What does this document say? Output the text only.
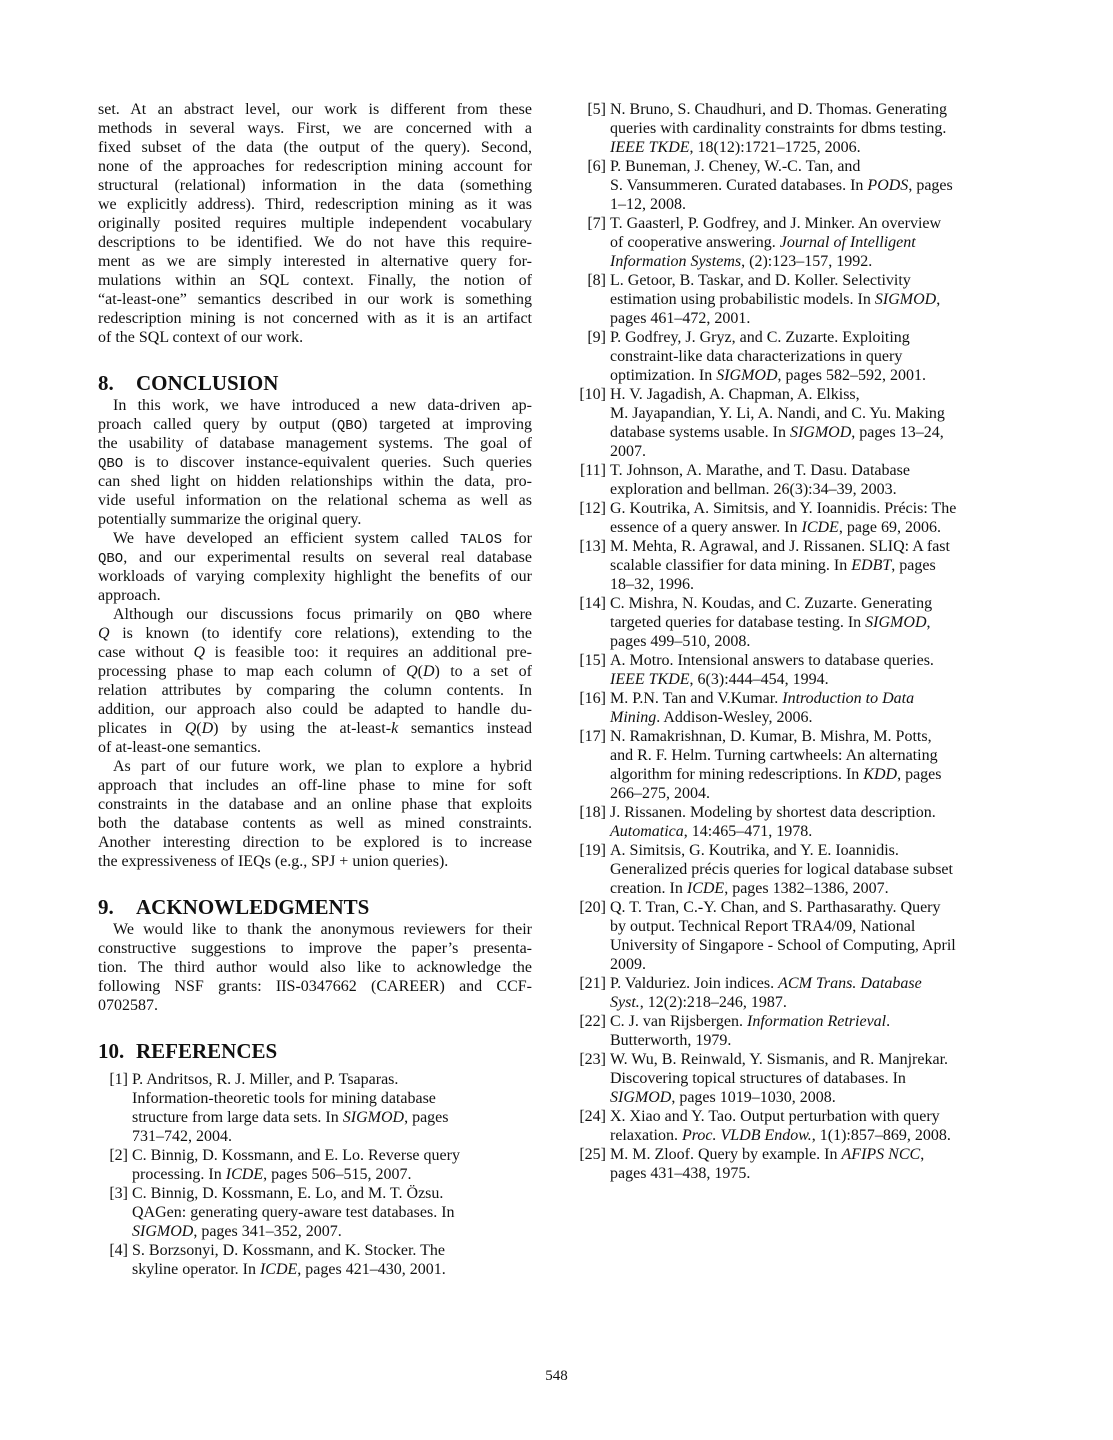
set. At an abstract level, our work is different from these
methods in several ways. First, we are concerned with a
fixed subset of the data (the output of the query). Second,
none of the approaches for redescription mining account for
structural (relational) information in the data (something
we explicitly address). Third, redescription mining as it was
originally posited requires multiple independent vocabulary
descriptions to be identified. We do not have this require-
ment as we are simply interested in alternative query for-
mulations within an SQL context. Finally, the notion of
“at-least-one” semantics described in our work is something
redescription mining is not concerned with as it is an artifact
of the SQL context of our work.
8. CONCLUSION
In this work, we have introduced a new data-driven ap-
proach called query by output (QBO) targeted at improving
the usability of database management systems. The goal of
QBO is to discover instance-equivalent queries. Such queries
can shed light on hidden relationships within the data, pro-
vide useful information on the relational schema as well as
potentially summarize the original query.
We have developed an efficient system called TALOS for
QBO, and our experimental results on several real database
workloads of varying complexity highlight the benefits of our
approach.
Although our discussions focus primarily on QBO where
Q is known (to identify core relations), extending to the
case without Q is feasible too: it requires an additional pre-
processing phase to map each column of Q(D) to a set of
relation attributes by comparing the column contents. In
addition, our approach also could be adapted to handle du-
plicates in Q(D) by using the at-least-k semantics instead
of at-least-one semantics.
As part of our future work, we plan to explore a hybrid
approach that includes an off-line phase to mine for soft
constraints in the database and an online phase that exploits
both the database contents as well as mined constraints.
Another interesting direction to be explored is to increase
the expressiveness of IEQs (e.g., SPJ + union queries).
9. ACKNOWLEDGMENTS
We would like to thank the anonymous reviewers for their
constructive suggestions to improve the paper’s presenta-
tion. The third author would also like to acknowledge the
following NSF grants: IIS-0347662 (CAREER) and CCF-
0702587.
10. REFERENCES
[1] P. Andritsos, R. J. Miller, and P. Tsaparas.
Information-theoretic tools for mining database
structure from large data sets. In SIGMOD, pages
731–742, 2004.
[2] C. Binnig, D. Kossmann, and E. Lo. Reverse query
processing. In ICDE, pages 506–515, 2007.
[3] C. Binnig, D. Kossmann, E. Lo, and M. T. Özsu.
QAGen: generating query-aware test databases. In
SIGMOD, pages 341–352, 2007.
[4] S. Borzsonyi, D. Kossmann, and K. Stocker. The
skyline operator. In ICDE, pages 421–430, 2001.
[5] N. Bruno, S. Chaudhuri, and D. Thomas. Generating
queries with cardinality constraints for dbms testing.
IEEE TKDE, 18(12):1721–1725, 2006.
[6] P. Buneman, J. Cheney, W.-C. Tan, and
S. Vansummeren. Curated databases. In PODS, pages
1–12, 2008.
[7] T. Gaasterl, P. Godfrey, and J. Minker. An overview
of cooperative answering. Journal of Intelligent
Information Systems, (2):123–157, 1992.
[8] L. Getoor, B. Taskar, and D. Koller. Selectivity
estimation using probabilistic models. In SIGMOD,
pages 461–472, 2001.
[9] P. Godfrey, J. Gryz, and C. Zuzarte. Exploiting
constraint-like data characterizations in query
optimization. In SIGMOD, pages 582–592, 2001.
[10] H. V. Jagadish, A. Chapman, A. Elkiss,
M. Jayapandian, Y. Li, A. Nandi, and C. Yu. Making
database systems usable. In SIGMOD, pages 13–24,
2007.
[11] T. Johnson, A. Marathe, and T. Dasu. Database
exploration and bellman. 26(3):34–39, 2003.
[12] G. Koutrika, A. Simitsis, and Y. Ioannidis. Précis: The
essence of a query answer. In ICDE, page 69, 2006.
[13] M. Mehta, R. Agrawal, and J. Rissanen. SLIQ: A fast
scalable classifier for data mining. In EDBT, pages
18–32, 1996.
[14] C. Mishra, N. Koudas, and C. Zuzarte. Generating
targeted queries for database testing. In SIGMOD,
pages 499–510, 2008.
[15] A. Motro. Intensional answers to database queries.
IEEE TKDE, 6(3):444–454, 1994.
[16] M. P.N. Tan and V.Kumar. Introduction to Data
Mining. Addison-Wesley, 2006.
[17] N. Ramakrishnan, D. Kumar, B. Mishra, M. Potts,
and R. F. Helm. Turning cartwheels: An alternating
algorithm for mining redescriptions. In KDD, pages
266–275, 2004.
[18] J. Rissanen. Modeling by shortest data description.
Automatica, 14:465–471, 1978.
[19] A. Simitsis, G. Koutrika, and Y. E. Ioannidis.
Generalized précis queries for logical database subset
creation. In ICDE, pages 1382–1386, 2007.
[20] Q. T. Tran, C.-Y. Chan, and S. Parthasarathy. Query
by output. Technical Report TRA4/09, National
University of Singapore - School of Computing, April
2009.
[21] P. Valduriez. Join indices. ACM Trans. Database
Syst., 12(2):218–246, 1987.
[22] C. J. van Rijsbergen. Information Retrieval.
Butterworth, 1979.
[23] W. Wu, B. Reinwald, Y. Sismanis, and R. Manjrekar.
Discovering topical structures of databases. In
SIGMOD, pages 1019–1030, 2008.
[24] X. Xiao and Y. Tao. Output perturbation with query
relaxation. Proc. VLDB Endow., 1(1):857–869, 2008.
[25] M. M. Zloof. Query by example. In AFIPS NCC,
pages 431–438, 1975.
548
